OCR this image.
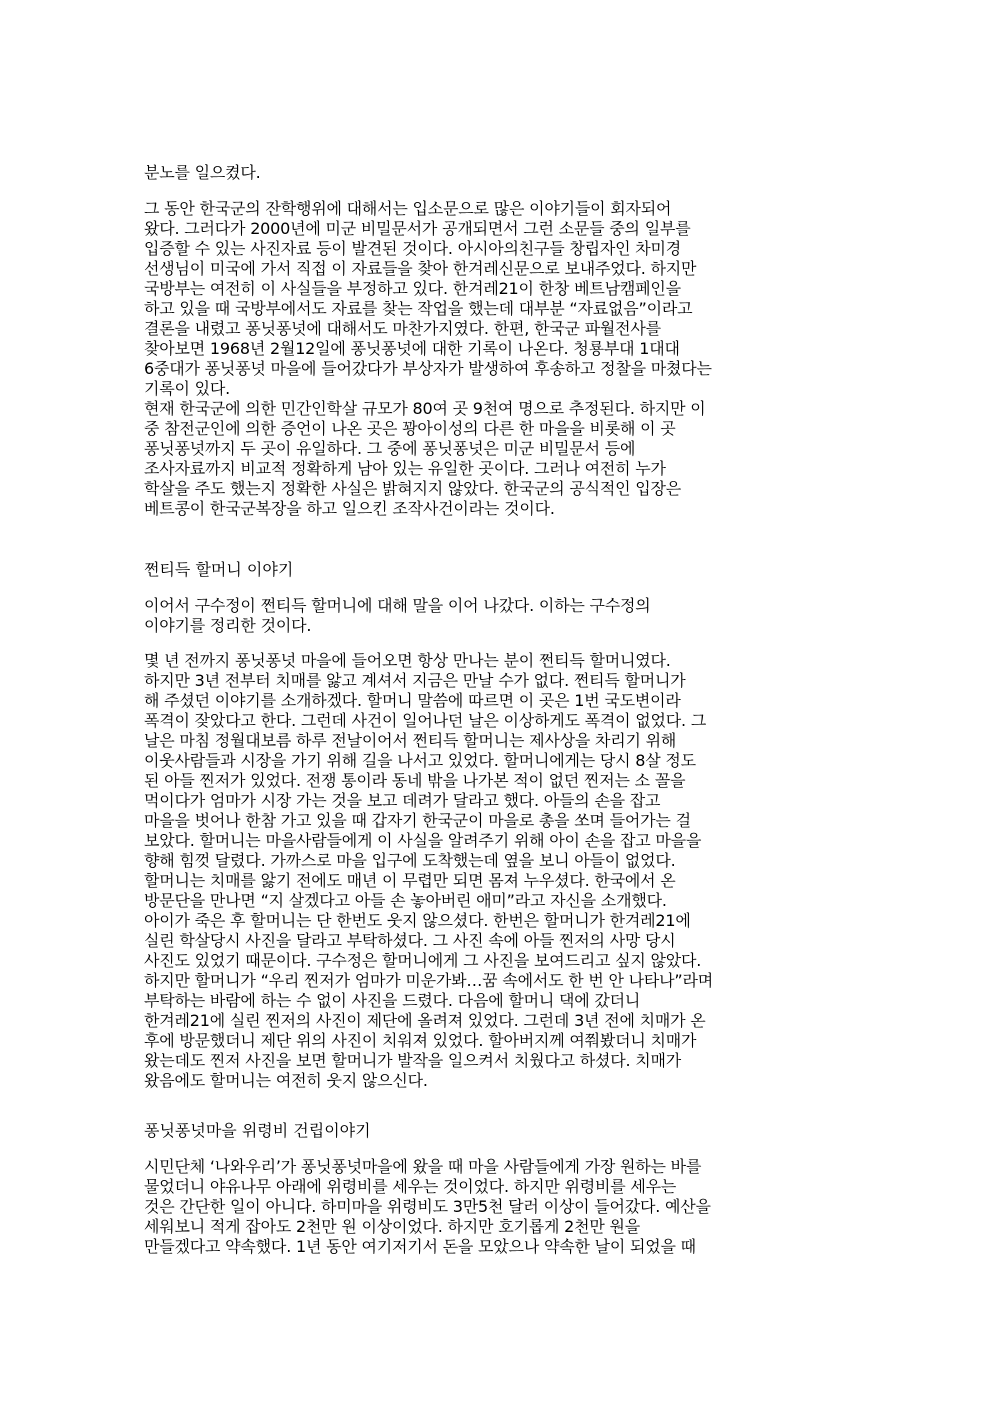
분노를 일으켰다.
그 동안 한국군의 잔학행위에 대해서는 입소문으로 많은 이야기들이 회자되어
왔다. 그러다가 2000년에 미군 비밀문서가 공개되면서 그런 소문들 중의 일부를
입증할 수 있는 사진자료 등이 발견된 것이다. 아시아의친구들 창립자인 차미경
선생님이 미국에 가서 직접 이 자료들을 찾아 한겨레신문으로 보내주었다. 하지만
국방부는 여전히 이 사실들을 부정하고 있다. 한겨레21이 한창 베트남캠페인을
하고 있을 때 국방부에서도 자료를 찾는 작업을 했는데 대부분 “자료없음”이라고
결론을 내렸고 퐁닛퐁넛에 대해서도 마찬가지였다. 한편, 한국군 파월전사를
찾아보면 1968년 2월12일에 퐁닛퐁넛에 대한 기록이 나온다. 청룡부대 1대대
6중대가 퐁닛퐁넛 마을에 들어갔다가 부상자가 발생하여 후송하고 정찰을 마쳤다는
기록이 있다.
현재 한국군에 의한 민간인학살 규모가 80여 곳 9천여 명으로 추정된다. 하지만 이
중 참전군인에 의한 증언이 나온 곳은 꽝아이성의 다른 한 마을을 비롯해 이 곳
퐁닛퐁넛까지 두 곳이 유일하다. 그 중에 퐁닛퐁넛은 미군 비밀문서 등에
조사자료까지 비교적 정확하게 남아 있는 유일한 곳이다. 그러나 여전히 누가
학살을 주도 했는지 정확한 사실은 밝혀지지 않았다. 한국군의 공식적인 입장은
베트콩이 한국군복장을 하고 일으킨 조작사건이라는 것이다.
쩐티득 할머니 이야기
이어서 구수정이 쩐티득 할머니에 대해 말을 이어 나갔다. 이하는 구수정의
이야기를 정리한 것이다.
몇 년 전까지 퐁닛퐁넛 마을에 들어오면 항상 만나는 분이 쩐티득 할머니였다.
하지만 3년 전부터 치매를 앓고 계셔서 지금은 만날 수가 없다. 쩐티득 할머니가
해 주셨던 이야기를 소개하겠다. 할머니 말씀에 따르면 이 곳은 1번 국도변이라
폭격이 잦았다고 한다. 그런데 사건이 일어나던 날은 이상하게도 폭격이 없었다. 그
날은 마침 정월대보름 하루 전날이어서 쩐티득 할머니는 제사상을 차리기 위해
이웃사람들과 시장을 가기 위해 길을 나서고 있었다. 할머니에게는 당시 8살 정도
된 아들 찐저가 있었다. 전쟁 통이라 동네 밖을 나가본 적이 없던 찐저는 소 꼴을
먹이다가 엄마가 시장 가는 것을 보고 데려가 달라고 했다. 아들의 손을 잡고
마을을 벗어나 한참 가고 있을 때 갑자기 한국군이 마을로 총을 쏘며 들어가는 걸
보았다. 할머니는 마을사람들에게 이 사실을 알려주기 위해 아이 손을 잡고 마을을
향해 힘껏 달렸다. 가까스로 마을 입구에 도착했는데 옆을 보니 아들이 없었다.
할머니는 치매를 앓기 전에도 매년 이 무렵만 되면 몸져 누우셨다. 한국에서 온
방문단을 만나면 “지 살겠다고 아들 손 놓아버린 애미”라고 자신을 소개했다.
아이가 죽은 후 할머니는 단 한번도 웃지 않으셨다. 한번은 할머니가 한겨레21에
실린 학살당시 사진을 달라고 부탁하셨다. 그 사진 속에 아들 찐저의 사망 당시
사진도 있었기 때문이다. 구수정은 할머니에게 그 사진을 보여드리고 싶지 않았다.
하지만 할머니가 “우리 찐저가 엄마가 미운가봐…꿈 속에서도 한 번 안 나타나”라며
부탁하는 바람에 하는 수 없이 사진을 드렸다. 다음에 할머니 댁에 갔더니
한겨레21에 실린 찐저의 사진이 제단에 올려져 있었다. 그런데 3년 전에 치매가 온
후에 방문했더니 제단 위의 사진이 치워져 있었다. 할아버지께 여쭤봤더니 치매가
왔는데도 찐저 사진을 보면 할머니가 발작을 일으켜서 치웠다고 하셨다. 치매가
왔음에도 할머니는 여전히 웃지 않으신다.
퐁닛퐁넛마을 위령비 건립이야기
시민단체 ‘나와우리’가 퐁닛퐁넛마을에 왔을 때 마을 사람들에게 가장 원하는 바를
물었더니 야유나무 아래에 위령비를 세우는 것이었다. 하지만 위령비를 세우는
것은 간단한 일이 아니다. 하미마을 위령비도 3만5천 달러 이상이 들어갔다. 예산을
세워보니 적게 잡아도 2천만 원 이상이었다. 하지만 호기롭게 2천만 원을
만들겠다고 약속했다. 1년 동안 여기저기서 돈을 모았으나 약속한 날이 되었을 때
